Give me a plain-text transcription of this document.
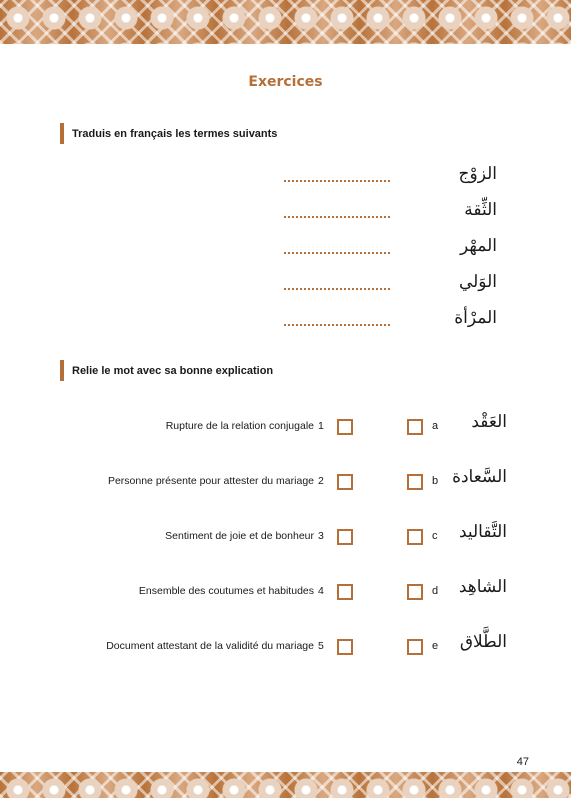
Exercices
Traduis en français les termes suivants
الزوْج
الثِّقة
المهْر
الوَلي
المرْأة
Relie le mot avec sa bonne explication
Rupture de la relation conjugale 1	a العَقْد
Personne présente pour attester du mariage 2	b السَّعادة
Sentiment de joie et de bonheur 3	c التَّقاليد
Ensemble des coutumes et habitudes 4	d الشاهِد
Document attestant de la validité du mariage 5	e الطَّلاق
47
